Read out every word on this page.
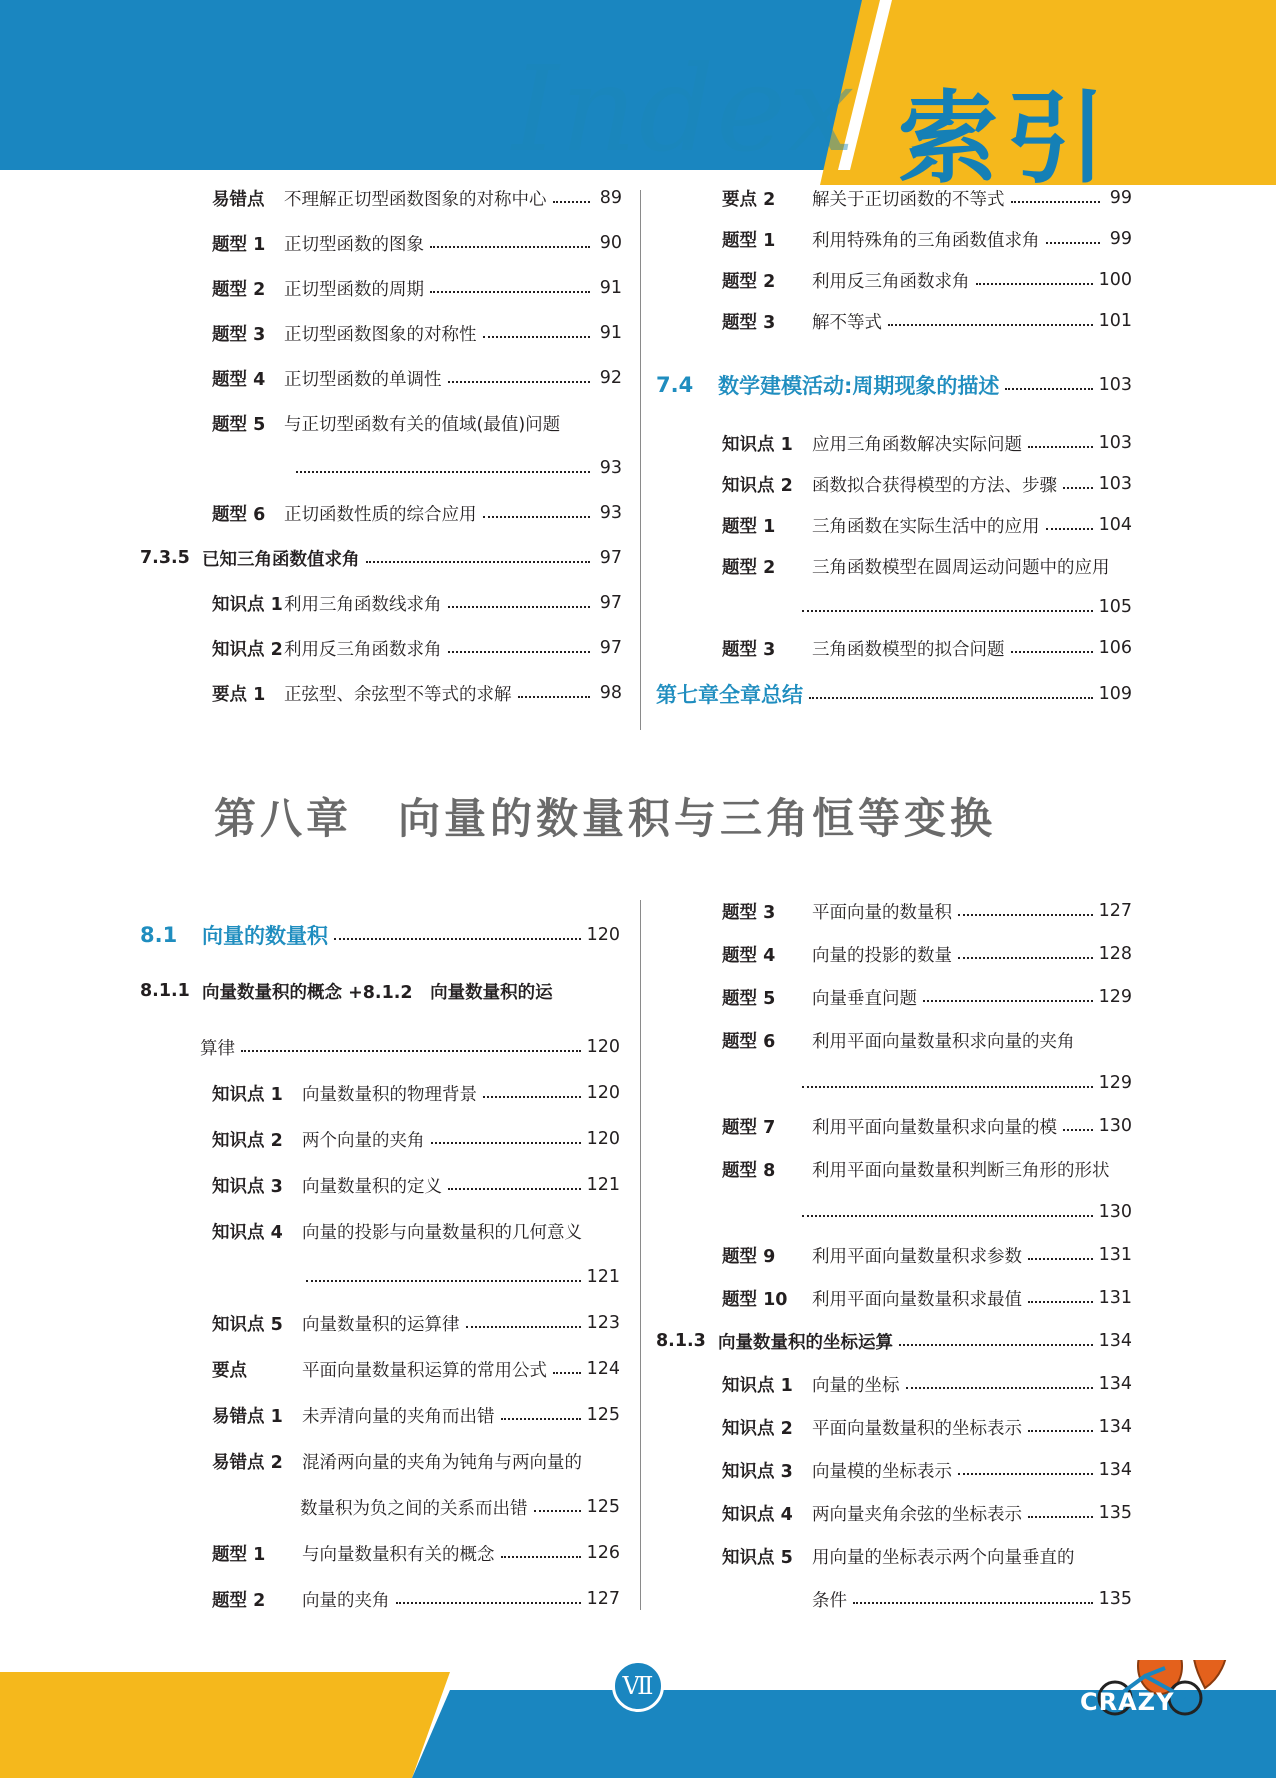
Index 索引
易错点	不理解正切型函数图象的对称中心	89
题型 1	正切型函数的图象	90
题型 2	正切型函数的周期	91
题型 3	正切型函数图象的对称性	91
题型 4	正切型函数的单调性	92
题型 5	与正切型函数有关的值域(最值)问题
93
题型 6	正切函数性质的综合应用	93
7.3.5 已知三角函数值求角	97
知识点 1 利用三角函数线求角	97
知识点 2 利用反三角函数求角	97
要点 1	正弦型、余弦型不等式的求解	98
要点 2	解关于正切函数的不等式	99
题型 1	利用特殊角的三角函数值求角	99
题型 2	利用反三角函数求角	100
题型 3	解不等式	101
7.4	数学建模活动:周期现象的描述	103
知识点 1	应用三角函数解决实际问题	103
知识点 2	函数拟合获得模型的方法、步骤 103
题型 1	三角函数在实际生活中的应用	104
题型 2	三角函数模型在圆周运动问题中的应用
105
题型 3	三角函数模型的拟合问题	106
第七章全章总结	109
第八章　向量的数量积与三角恒等变换
8.1	向量的数量积	120
8.1.1 向量数量积的概念 +8.1.2　向量数量积的运
算律	120
知识点 1	向量数量积的物理背景	120
知识点 2	两个向量的夹角	120
知识点 3	向量数量积的定义	121
知识点 4	向量的投影与向量数量积的几何意义
121
知识点 5	向量数量积的运算律	123
要点	平面向量数量积运算的常用公式 124
易错点 1	未弄清向量的夹角而出错	125
易错点 2	混淆两向量的夹角为钝角与两向量的
数量积为负之间的关系而出错	125
题型 1	与向量数量积有关的概念	126
题型 2	向量的夹角	127
题型 3	平面向量的数量积	127
题型 4	向量的投影的数量	128
题型 5	向量垂直问题	129
题型 6	利用平面向量数量积求向量的夹角
129
题型 7	利用平面向量数量积求向量的模 130
题型 8	利用平面向量数量积判断三角形的形状
130
题型 9	利用平面向量数量积求参数	131
题型 10	利用平面向量数量积求最值	131
8.1.3 向量数量积的坐标运算	134
知识点 1	向量的坐标	134
知识点 2	平面向量数量积的坐标表示	134
知识点 3	向量模的坐标表示	134
知识点 4	两向量夹角余弦的坐标表示	135
知识点 5	用向量的坐标表示两个向量垂直的
条件	135
Ⅶ
CRAZY
